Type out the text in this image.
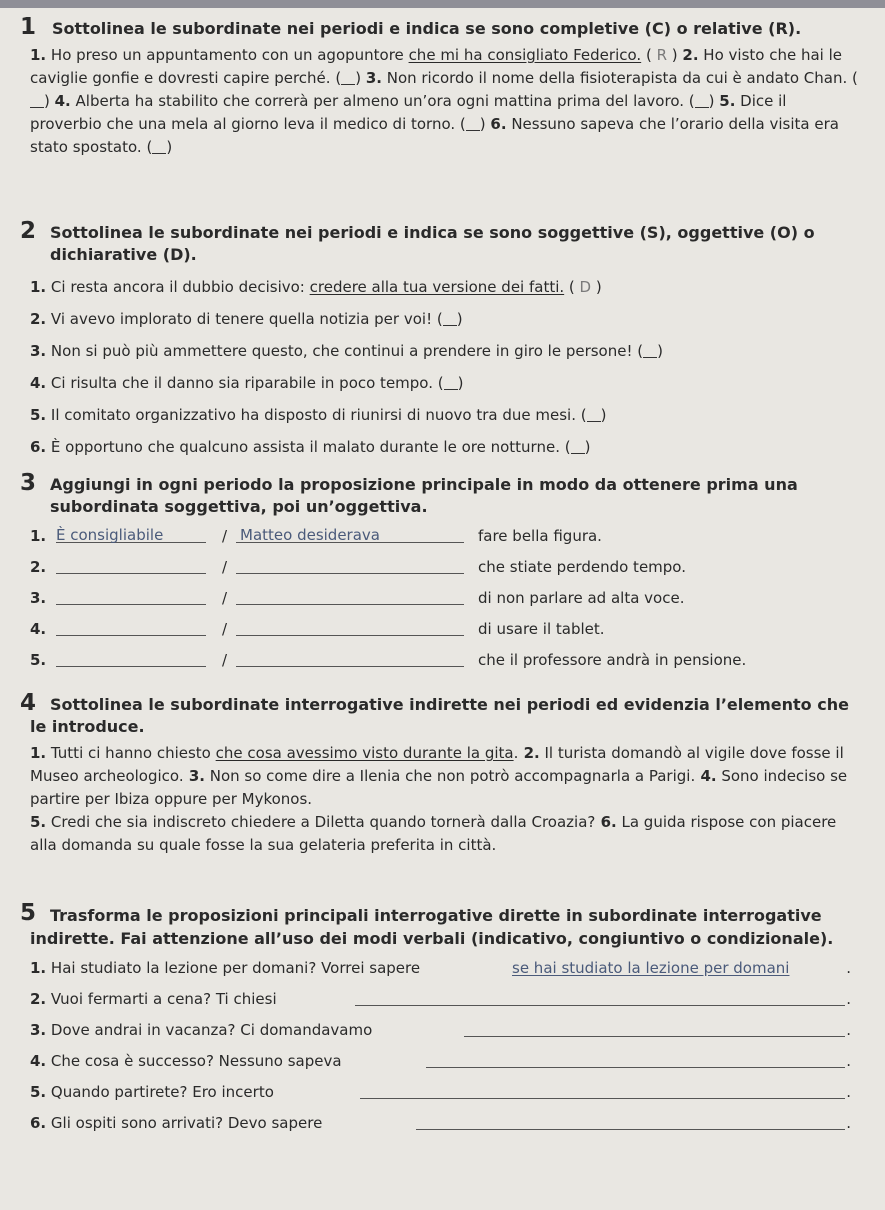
1 Sottolinea le subordinate nei periodi e indica se sono completive (C) o relative (R).
1. Ho preso un appuntamento con un agopuntore che mi ha consigliato Federico. ( R ) 2. Ho visto che hai le caviglie gonfie e dovresti capire perché. ( ) 3. Non ricordo il nome della fisioterapista da cui è andato Chan. () 4. Alberta ha stabilito che correrà per almeno un’ora ogni mattina prima del lavoro. ( ) 5. Dice il proverbio che una mela al giorno leva il medico di torno. ( ) 6. Nessuno sapeva che l’orario della visita era stato spostato. ( )
2 Sottolinea le subordinate nei periodi e indica se sono soggettive (S), oggettive (O) o dichiarative (D).
1. Ci resta ancora il dubbio decisivo: credere alla tua versione dei fatti. ( D )
2. Vi avevo implorato di tenere quella notizia per voi! ( )
3. Non si può più ammettere questo, che continui a prendere in giro le persone! ( )
4. Ci risulta che il danno sia riparabile in poco tempo. ( )
5. Il comitato organizzativo ha disposto di riunirsi di nuovo tra due mesi. ( )
6. È opportuno che qualcuno assista il malato durante le ore notturne. ( )
3 Aggiungi in ogni periodo la proposizione principale in modo da ottenere prima una subordinata soggettiva, poi un’oggettiva.
1. È consigliabile	/ Matteo desiderava	fare bella figura.
2.	/	che stiate perdendo tempo.
3.	/	di non parlare ad alta voce.
4.	/	di usare il tablet.
5.	/	che il professore andrà in pensione.
4 Sottolinea le subordinate interrogative indirette nei periodi ed evidenzia l’elemento che le introduce.
1. Tutti ci hanno chiesto che cosa avessimo visto durante la gita. 2. Il turista domandò al vigile dove fosse il Museo archeologico. 3. Non so come dire a Ilenia che non potrò accompagnarla a Parigi. 4. Sono indeciso se partire per Ibiza oppure per Mykonos.
5. Credi che sia indiscreto chiedere a Diletta quando tornerà dalla Croazia? 6. La guida rispose con piacere alla domanda su quale fosse la sua gelateria preferita in città.
5 Trasforma le proposizioni principali interrogative dirette in subordinate interrogative indirette. Fai attenzione all’uso dei modi verbali (indicativo, congiuntivo o condizionale).
1. Hai studiato la lezione per domani? Vorrei sapere	se hai studiato la lezione per domani	.
2. Vuoi fermarti a cena? Ti chiesi	.
3. Dove andrai in vacanza? Ci domandavamo	.
4. Che cosa è successo? Nessuno sapeva	.
5. Quando partirete? Ero incerto	.
6. Gli ospiti sono arrivati? Devo sapere	.
